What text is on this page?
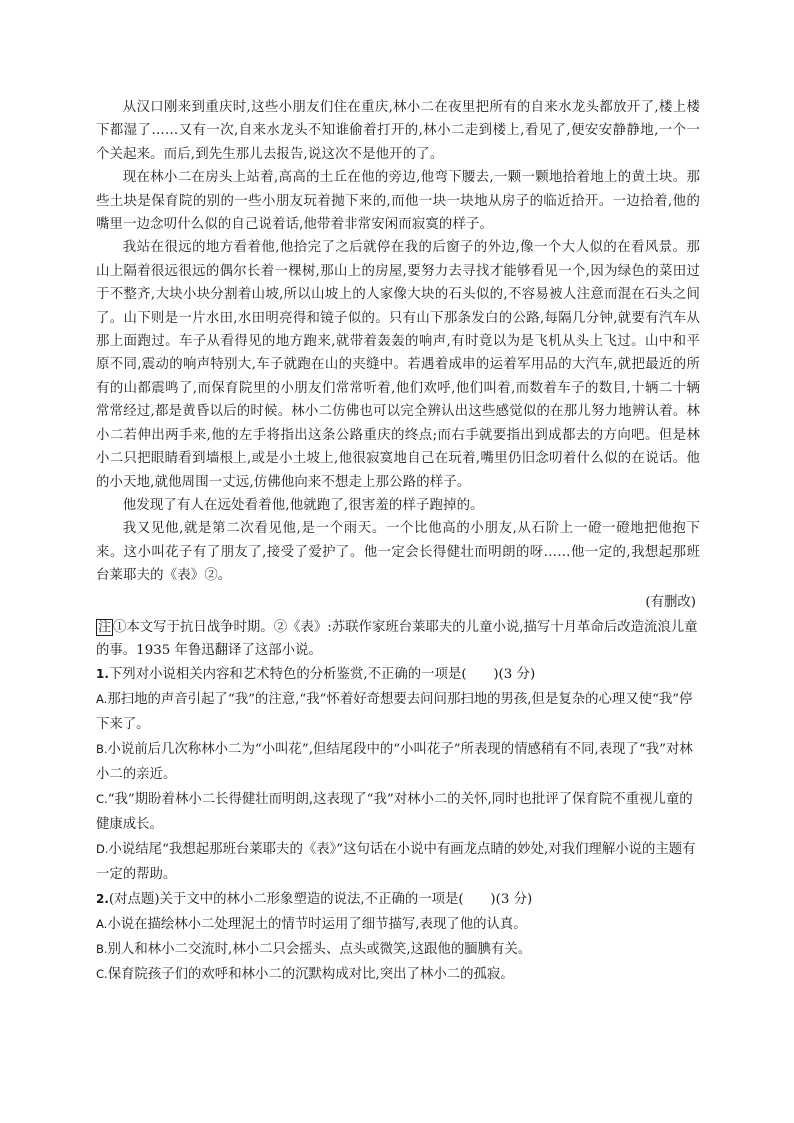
从汉口刚来到重庆时,这些小朋友们住在重庆,林小二在夜里把所有的自来水龙头都放开了,楼上楼下都湿了……又有一次,自来水龙头不知谁偷着打开的,林小二走到楼上,看见了,便安安静静地,一个一个关起来。而后,到先生那儿去报告,说这次不是他开的了。

现在林小二在房头上站着,高高的土丘在他的旁边,他弯下腰去,一颗一颗地拾着地上的黄土块。那些土块是保育院的别的一些小朋友玩着抛下来的,而他一块一块地从房子的临近拾开。一边拾着,他的嘴里一边念叨什么似的自己说着话,他带着非常安闲而寂寞的样子。

我站在很远的地方看着他,他拾完了之后就停在我的后窗子的外边,像一个大人似的在看风景。那山上隔着很远很远的偶尔长着一棵树,那山上的房屋,要努力去寻找才能够看见一个,因为绿色的菜田过于不整齐,大块小块分割着山坡,所以山坡上的人家像大块的石头似的,不容易被人注意而混在石头之间了。山下则是一片水田,水田明亮得和镜子似的。只有山下那条发白的公路,每隔几分钟,就要有汽车从那上面跑过。车子从看得见的地方跑来,就带着轰轰的响声,有时竟以为是飞机从头上飞过。山中和平原不同,震动的响声特别大,车子就跑在山的夹缝中。若遇着成串的运着军用品的大汽车,就把最近的所有的山都震鸣了,而保育院里的小朋友们常常听着,他们欢呼,他们叫着,而数着车子的数目,十辆二十辆常常经过,都是黄昏以后的时候。林小二仿佛也可以完全辨认出这些感觉似的在那儿努力地辨认着。林小二若伸出两手来,他的左手将指出这条公路重庆的终点;而右手就要指出到成都去的方向吧。但是林小二只把眼睛看到墙根上,或是小土坡上,他很寂寞地自己在玩着,嘴里仍旧念叨着什么似的在说话。他的小天地,就他周围一丈远,仿佛他向来不想走上那公路的样子。

他发现了有人在远处看着他,他就跑了,很害羞的样子跑掉的。

我又见他,就是第二次看见他,是一个雨天。一个比他高的小朋友,从石阶上一磴一磴地把他抱下来。这小叫花子有了朋友了,接受了爱护了。他一定会长得健壮而明朗的呀……他一定的,我想起那班台莱耶夫的《表》②。

(有删改)

注 ①本文写于抗日战争时期。②《表》:苏联作家班台莱耶夫的儿童小说,描写十月革命后改造流浪儿童的事。1935 年鲁迅翻译了这部小说。

1.下列对小说相关内容和艺术特色的分析鉴赏,不正确的一项是(　　)(3 分)

A.那扫地的声音引起了“我”的注意,“我”怀着好奇想要去问问那扫地的男孩,但是复杂的心理又使“我”停下来了。

B.小说前后几次称林小二为“小叫花”,但结尾段中的“小叫花子”所表现的情感稍有不同,表现了“我”对林小二的亲近。

C.“我”期盼着林小二长得健壮而明朗,这表现了“我”对林小二的关怀,同时也批评了保育院不重视儿童的健康成长。

D.小说结尾“我想起那班台莱耶夫的《表》”这句话在小说中有画龙点睛的妙处,对我们理解小说的主题有一定的帮助。

2.(对点题)关于文中的林小二形象塑造的说法,不正确的一项是(　　)(3 分)

A.小说在描绘林小二处理泥土的情节时运用了细节描写,表现了他的认真。

B.别人和林小二交流时,林小二只会摇头、点头或微笑,这跟他的腼腆有关。

C.保育院孩子们的欢呼和林小二的沉默构成对比,突出了林小二的孤寂。
